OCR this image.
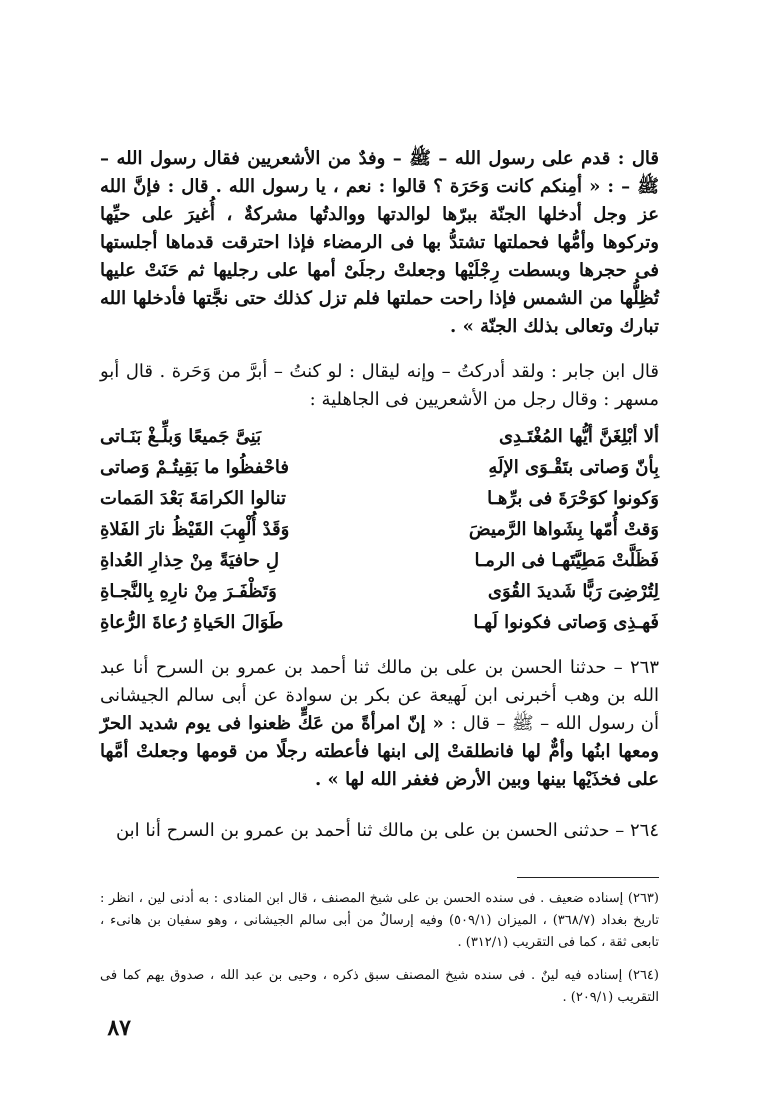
قال : قدم على رسول الله – ﷺ – وفدٌ من الأشعريين فقال رسول الله – ﷺ – : « أمِنكم كانت وَحَرَة ؟ قالوا : نعم ، يا رسول الله . قال : فإنَّ الله عز وجل أدخلها الجنّة ببرّها لوالدتها ووالدتُها مشركةٌ ، أُغيرَ على حيِّها وتركوها وأمُّها فحملتها تشتدُّ بها فى الرمضاء فإذا احترقت قدماها أجلستها فى حجرها وبسطت رِجْلَيْها وجعلتْ رجلَىْ أمها على رجليها ثم حَنَتْ عليها تُظِلُّها من الشمس فإذا راحت حملتها فلم تزل كذلك حتى نجَّتها فأدخلها الله تبارك وتعالى بذلك الجنّة » .
قال ابن جابر : ولقد أدركتُ – وإنه ليقال : لو كنتُ – أبرَّ من وَحَرة . قال أبو مسهر : وقال رجل من الأشعريين فى الجاهلية :
ألا أبْلِغَنَّ أيُّها المُغْتَـدِى
بَنِىَّ جَميعًا وَبلِّـغْ بَنَـاتى
بِأنّ وَصاتى بتَقْـوَى الإلَهِ
فاحْفظُوا ما بَقِيتُـمْ وَصاتى
وَكونوا كوَحْرَةَ فى برِّهـا
تنالوا الكرامَةَ بَعْدَ المَمات
وَقتْ أُمّها بِشَواها الرَّميضَ
وَقَدْ أُلْهِبَ القَيْظُ نارَ الفَلاةِ
فَظَلَّتْ مَطِيَّتَهـا فى الرمـا
لِ حافيَةً مِنْ حِذارِ العُداةِ
لِتُرْضِىَ رَبًّا شَديدَ القُوَى
وَتَظْفَـرَ مِنْ نارِهِ بِالنَّجـاةِ
فَهـذِى وَصاتى فكونوا لَهـا
طَوَالَ الحَياةِ رُعاةَ الرُّعاةِ
٢٦٣ – حدثنا الحسن بن على بن مالك ثنا أحمد بن عمرو بن السرح أنا عبد الله بن وهب أخبرنى ابن لَهيعة عن بكر بن سوادة عن أبى سالم الجيشانى أن رسول الله – ﷺ – قال : « إنّ امرأةً من عَكٍّ ظعنوا فى يوم شديد الحرّ ومعها ابنُها وأمٌّ لها فانطلقتْ إلى ابنها فأعطته رجلًا من قومها وجعلتْ أمَّها على فخذَيْها بينها وبين الأرض فغفر الله لها » .
٢٦٤ – حدثنى الحسن بن على بن مالك ثنا أحمد بن عمرو بن السرح أنا ابن
(٢٦٣) إسناده ضعيف . فى سنده الحسن بن على شيخ المصنف ، قال ابن المنادى : به أدنى لين ، انظر : تاريخ بغداد (٣٦٨/٧) ، الميزان (٥٠٩/١) وفيه إرسالٌ من أبى سالم الجيشانى ، وهو سفيان بن هانىء ، تابعى ثقة ، كما فى التقريب (٣١٢/١) .
(٢٦٤) إسناده فيه لينٌ . فى سنده شيخ المصنف سبق ذكره ، وحيى بن عبد الله ، صدوق يهم كما فى التقريب (٢٠٩/١) .
٨٧
